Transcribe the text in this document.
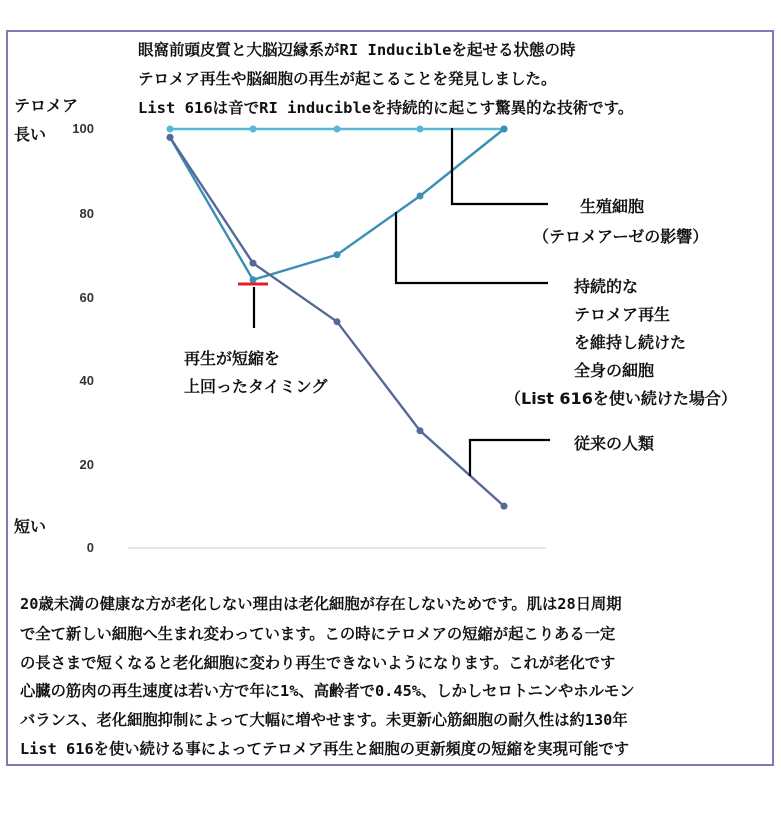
眼窩前頭皮質と大脳辺縁系がRI Inducibleを起せる状態の時
テロメア再生や脳細胞の再生が起こることを発見しました。
List 616は音でRI inducibleを持続的に起こす驚異的な技術です。
テロメア
長い
短い
100
80
60
40
20
0
生殖細胞
（テロメアーゼの影響）
持続的な
テロメア再生
を維持し続けた
全身の細胞
（List 616を使い続けた場合）
従来の人類
再生が短縮を
上回ったタイミング
20歳未満の健康な方が老化しない理由は老化細胞が存在しないためです。肌は28日周期
で全て新しい細胞へ生まれ変わっています。この時にテロメアの短縮が起こりある一定
の長さまで短くなると老化細胞に変わり再生できないようになります。これが老化です
心臓の筋肉の再生速度は若い方で年に1%、高齢者で0.45%、しかしセロトニンやホルモン
バランス、老化細胞抑制によって大幅に増やせます。未更新心筋細胞の耐久性は約130年
List 616を使い続ける事によってテロメア再生と細胞の更新頻度の短縮を実現可能です
